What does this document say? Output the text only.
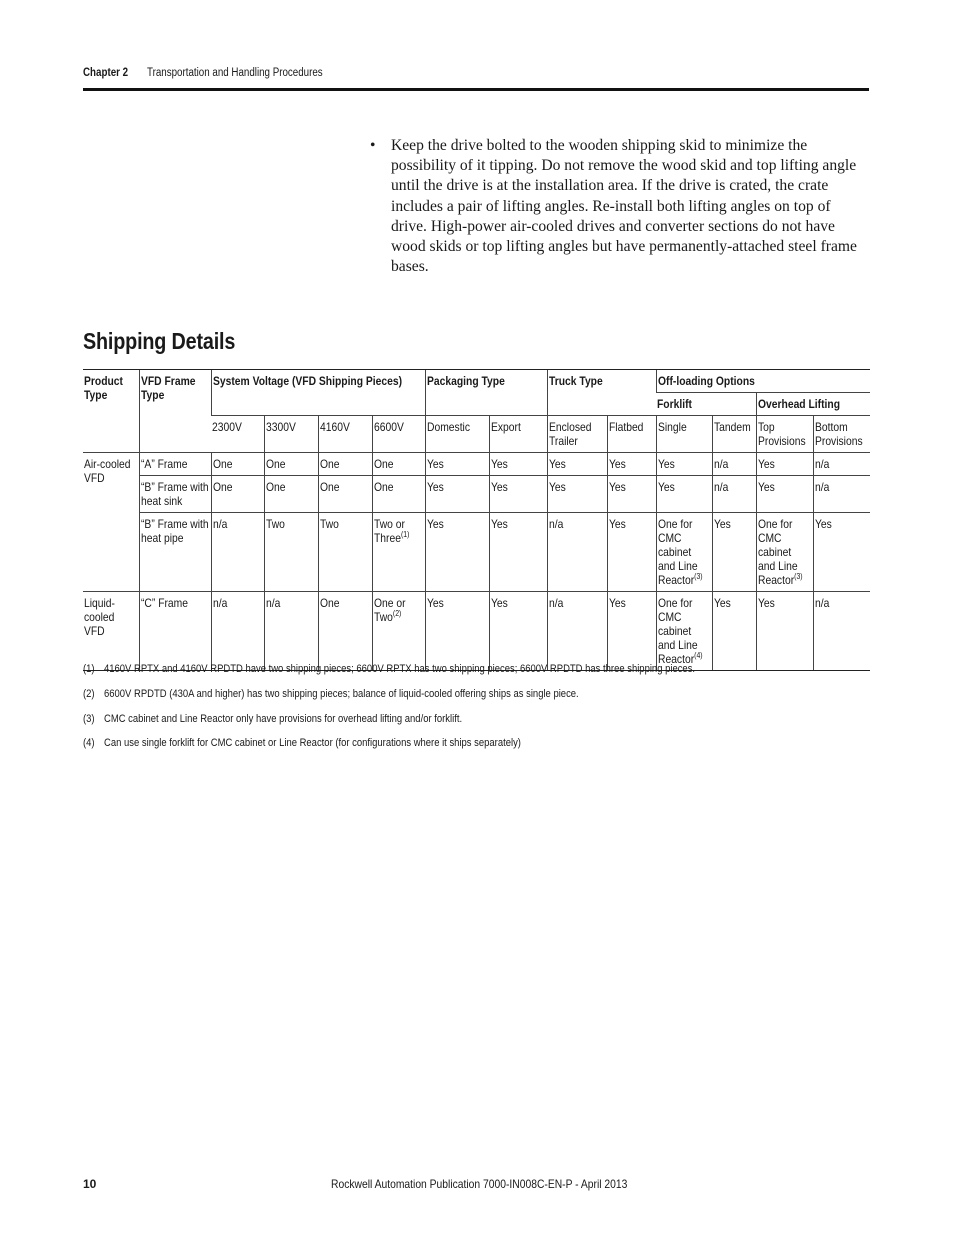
Chapter 2 Transportation and Handling Procedures
• Keep the drive bolted to the wooden shipping skid to minimize the possibility of it tipping. Do not remove the wood skid and top lifting angle until the drive is at the installation area. If the drive is crated, the crate includes a pair of lifting angles. Re-install both lifting angles on top of drive. High-power air-cooled drives and converter sections do not have wood skids or top lifting angles but have permanently-attached steel frame bases.
Shipping Details
Product Type	VFD Frame Type	System Voltage (VFD Shipping Pieces)				Packaging Type		Truck Type		Off-loading Options			

										Forklift		Overhead Lifting	

		2300V	3300V	4160V	6600V	Domestic	Export	Enclosed Trailer	Flatbed	Single	Tandem	Top Provisions	Bottom Provisions

Air-cooled VFD	“A” Frame	One	One	One	One	Yes	Yes	Yes	Yes	Yes	n/a	Yes	n/a

	“B” Frame with heat sink	One	One	One	One	Yes	Yes	Yes	Yes	Yes	n/a	Yes	n/a

	“B” Frame with heat pipe	n/a	Two	Two	Two or Three$^{(1)}$	Yes	Yes	n/a	Yes	One for CMC cabinet and Line Reactor$^{(3)}$	Yes	One for CMC cabinet and Line Reactor$^{(3)}$	Yes

Liquid-cooled VFD	“C” Frame	n/a	n/a	One	One or Two$^{(2)}$	Yes	Yes	n/a	Yes	One for CMC cabinet and Line Reactor$^{(4)}$	Yes	Yes	n/a
(1) 4160V RPTX and 4160V RPDTD have two shipping pieces; 6600V RPTX has two shipping pieces; 6600V RPDTD has three shipping pieces.
(2) 6600V RPDTD (430A and higher) has two shipping pieces; balance of liquid-cooled offering ships as single piece.
(3) CMC cabinet and Line Reactor only have provisions for overhead lifting and/or forklift.
(4) Can use single forklift for CMC cabinet or Line Reactor (for configurations where it ships separately)
10	Rockwell Automation Publication 7000-IN008C-EN-P - April 2013
